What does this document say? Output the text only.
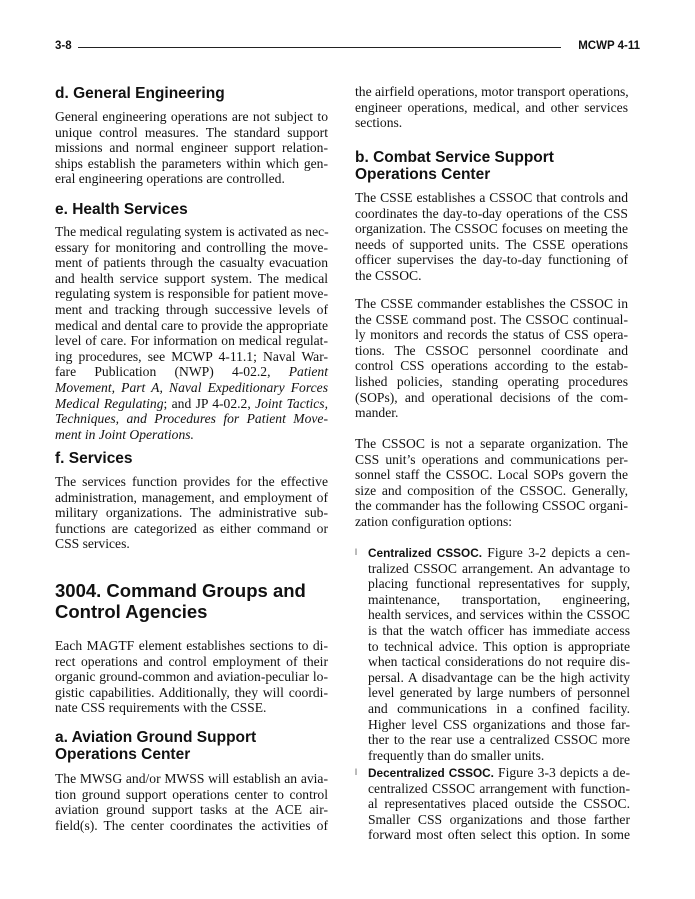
3-8	MCWP 4-11
d. General Engineering
General engineering operations are not subject to
unique control measures. The standard support
missions and normal engineer support relation-
ships establish the parameters within which gen-
eral engineering operations are controlled.
e. Health Services
The medical regulating system is activated as nec-
essary for monitoring and controlling the move-
ment of patients through the casualty evacuation
and health service support system. The medical
regulating system is responsible for patient move-
ment and tracking through successive levels of
medical and dental care to provide the appropriate
level of care. For information on medical regulat-
ing procedures, see MCWP 4-11.1; Naval War-
fare Publication (NWP) 4-02.2, Patient
Movement, Part A, Naval Expeditionary Forces
Medical Regulating; and JP 4-02.2, Joint Tactics,
Techniques, and Procedures for Patient Move-
ment in Joint Operations.
f. Services
The services function provides for the effective
administration, management, and employment of
military organizations. The administrative sub-
functions are categorized as either command or
CSS services.
3004. Command Groups and
Control Agencies
Each MAGTF element establishes sections to di-
rect operations and control employment of their
organic ground-common and aviation-peculiar lo-
gistic capabilities. Additionally, they will coordi-
nate CSS requirements with the CSSE.
a. Aviation Ground Support
Operations Center
The MWSG and/or MWSS will establish an avia-
tion ground support operations center to control
aviation ground support tasks at the ACE air-
field(s). The center coordinates the activities of
the airfield operations, motor transport operations,
engineer operations, medical, and other services
sections.
b. Combat Service Support
Operations Center
The CSSE establishes a CSSOC that controls and
coordinates the day-to-day operations of the CSS
organization. The CSSOC focuses on meeting the
needs of supported units. The CSSE operations
officer supervises the day-to-day functioning of
the CSSOC.
The CSSE commander establishes the CSSOC in
the CSSE command post. The CSSOC continual-
ly monitors and records the status of CSS opera-
tions. The CSSOC personnel coordinate and
control CSS operations according to the estab-
lished policies, standing operating procedures
(SOPs), and operational decisions of the com-
mander.
The CSSOC is not a separate organization. The
CSS unit’s operations and communications per-
sonnel staff the CSSOC. Local SOPs govern the
size and composition of the CSSOC. Generally,
the commander has the following CSSOC organi-
zation configuration options:
l Centralized CSSOC. Figure 3-2 depicts a cen-
tralized CSSOC arrangement. An advantage to
placing functional representatives for supply,
maintenance, transportation, engineering,
health services, and services within the CSSOC
is that the watch officer has immediate access
to technical advice. This option is appropriate
when tactical considerations do not require dis-
persal. A disadvantage can be the high activity
level generated by large numbers of personnel
and communications in a confined facility.
Higher level CSS organizations and those far-
ther to the rear use a centralized CSSOC more
frequently than do smaller units.
l Decentralized CSSOC. Figure 3-3 depicts a de-
centralized CSSOC arrangement with function-
al representatives placed outside the CSSOC.
Smaller CSS organizations and those farther
forward most often select this option. In some
